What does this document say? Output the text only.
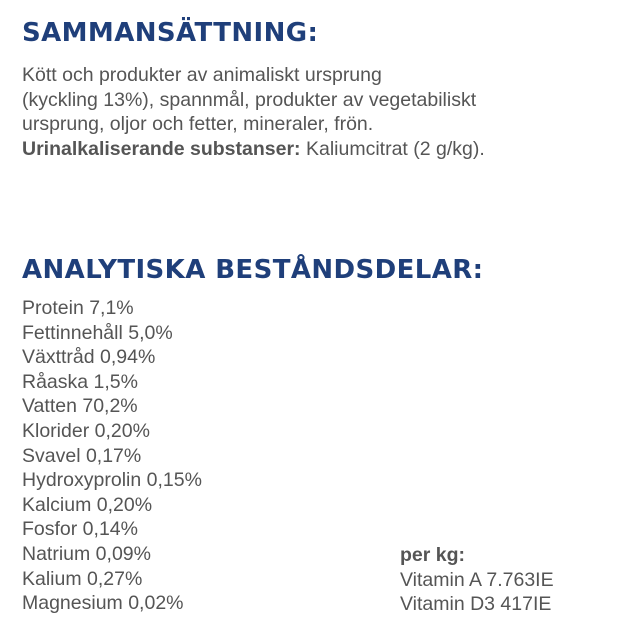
SAMMANSÄTTNING:

Kött och produkter av animaliskt ursprung

(kyckling 13%), spannmål, produkter av vegetabiliskt

ursprung, oljor och fetter, mineraler, frön.

Urinalkaliserande substanser: Kaliumcitrat (2 g/kg).

ANALYTISKA BESTÅNDSDELAR:
Protein 7,1%
Fettinnehåll 5,0%
Växttråd 0,94%
Råaska 1,5%
Vatten 70,2%
Klorider 0,20%
Svavel 0,17%
Hydroxyprolin 0,15%
Kalcium 0,20%
Fosfor 0,14%
Natrium 0,09%
Kalium 0,27%
Magnesium 0,02%
per kg:
Vitamin A 7.763IE
Vitamin D3 417IE
